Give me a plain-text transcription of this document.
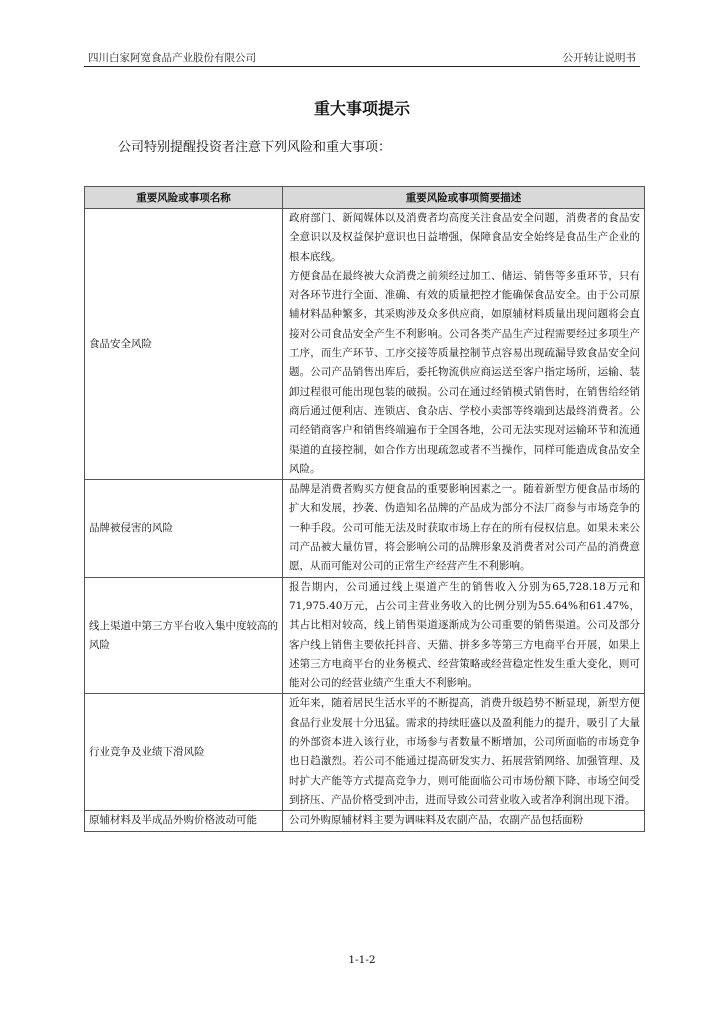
四川白家阿宽食品产业股份有限公司	公开转让说明书
重大事项提示
公司特别提醒投资者注意下列风险和重大事项：
重要风险或事项名称	重要风险或事项简要描述
食品安全风险	政府部门、新闻媒体以及消费者均高度关注食品安全问题，消费者的食品安全意识以及权益保护意识也日益增强，保障食品安全始终是食品生产企业的根本底线。

方便食品在最终被大众消费之前须经过加工、储运、销售等多重环节，只有对各环节进行全面、准确、有效的质量把控才能确保食品安全。由于公司原辅材料品种繁多，其采购涉及众多供应商，如原辅材料质量出现问题将会直接对公司食品安全产生不利影响。公司各类产品生产过程需要经过多项生产工序，而生产环节、工序交接等质量控制节点容易出现疏漏导致食品安全问题。公司产品销售出库后，委托物流供应商运送至客户指定场所，运输、装卸过程很可能出现包装的破损。公司在通过经销模式销售时，在销售给经销商后通过便利店、连锁店、食杂店、学校小卖部等终端到达最终消费者。公司经销商客户和销售终端遍布于全国各地，公司无法实现对运输环节和流通渠道的直接控制，如合作方出现疏忽或者不当操作，同样可能造成食品安全风险。

品牌被侵害的风险	品牌是消费者购买方便食品的重要影响因素之一。随着新型方便食品市场的扩大和发展，抄袭、伪造知名品牌的产品成为部分不法厂商参与市场竞争的一种手段。公司可能无法及时获取市场上存在的所有侵权信息。如果未来公司产品被大量仿冒，将会影响公司的品牌形象及消费者对公司产品的消费意愿，从而可能对公司的正常生产经营产生不利影响。

线上渠道中第三方平台收入集中度较高的风险	报告期内，公司通过线上渠道产生的销售收入分别为65,728.18万元和71,975.40万元，占公司主营业务收入的比例分别为55.64%和61.47%，其占比相对较高，线上销售渠道逐渐成为公司重要的销售渠道。公司及部分客户线上销售主要依托抖音、天猫、拼多多等第三方电商平台开展，如果上述第三方电商平台的业务模式、经营策略或经营稳定性发生重大变化，则可能对公司的经营业绩产生重大不利影响。

行业竞争及业绩下滑风险	近年来，随着居民生活水平的不断提高，消费升级趋势不断显现，新型方便食品行业发展十分迅猛。需求的持续旺盛以及盈利能力的提升，吸引了大量的外部资本进入该行业，市场参与者数量不断增加，公司所面临的市场竞争也日趋激烈。若公司不能通过提高研发实力、拓展营销网络、加强管理、及时扩大产能等方式提高竞争力，则可能面临公司市场份额下降、市场空间受到挤压、产品价格受到冲击，进而导致公司营业收入或者净利润出现下滑。

原辅材料及半成品外购价格波动可能	公司外购原辅材料主要为调味料及农副产品，农副产品包括面粉

1-1-2
